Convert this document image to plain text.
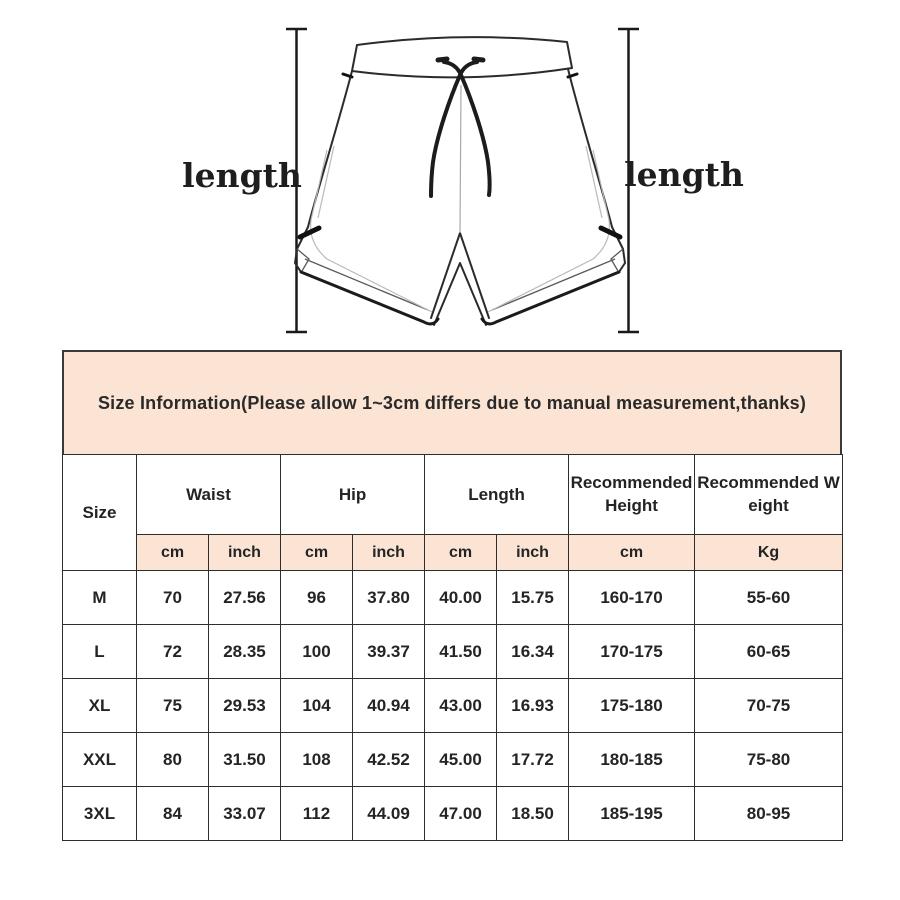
length	length
Size Information(Please allow 1~3cm differs due to manual measurement,thanks)
Size	Waist		Hip		Length		Recommended Height	Recommended Weight
	cm	inch	cm	inch	cm	inch	cm	Kg
M	70	27.56	96	37.80	40.00	15.75	160-170	55-60
L	72	28.35	100	39.37	41.50	16.34	170-175	60-65
XL	75	29.53	104	40.94	43.00	16.93	175-180	70-75
XXL	80	31.50	108	42.52	45.00	17.72	180-185	75-80
3XL	84	33.07	112	44.09	47.00	18.50	185-195	80-95
